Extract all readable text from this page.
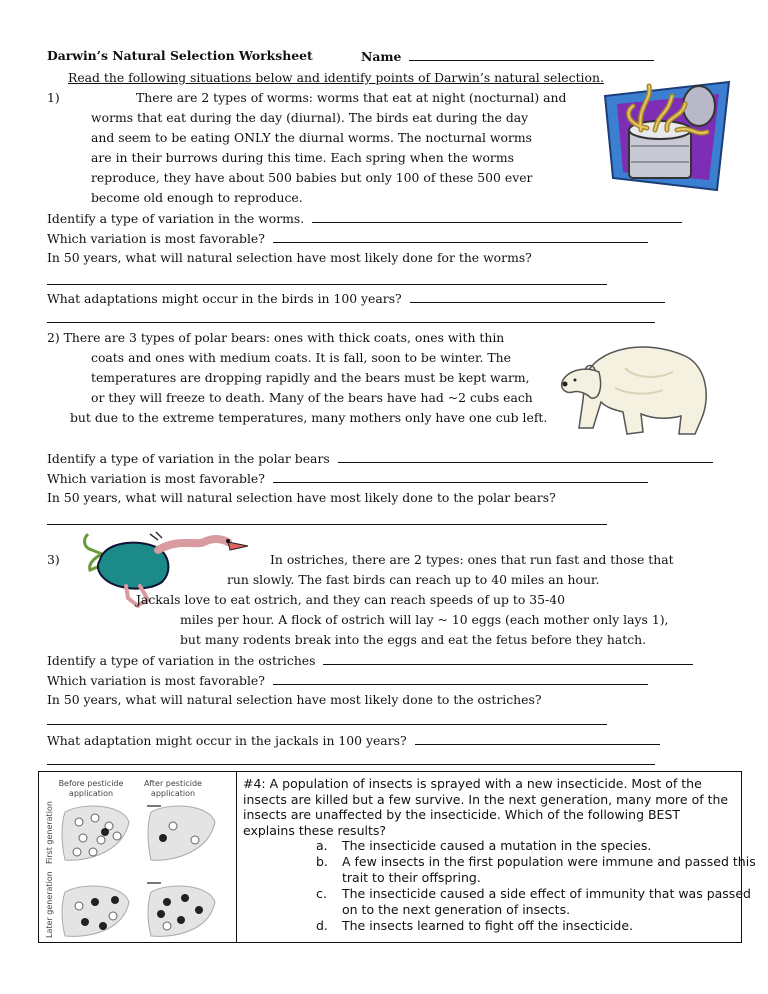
Darwin’s Natural Selection Worksheet	Name
Read the following situations below and identify points of Darwin’s natural selection.
1)	There are 2 types of worms: worms that eat at night (nocturnal) and
worms that eat during the day (diurnal). The birds eat during the day
and seem to be eating ONLY the diurnal worms. The nocturnal worms
are in their burrows during this time. Each spring when the worms
reproduce, they have about 500 babies but only 100 of these 500 ever
become old enough to reproduce.
Identify a type of variation in the worms.
Which variation is most favorable?
In 50 years, what will natural selection have most likely done for the worms?
What adaptations might occur in the birds in 100 years?
2) There are 3 types of polar bears: ones with thick coats, ones with thin
coats and ones with medium coats. It is fall, soon to be winter. The
temperatures are dropping rapidly and the bears must be kept warm,
or they will freeze to death. Many of the bears have had ~2 cubs each
but due to the extreme temperatures, many mothers only have one cub left.
Identify a type of variation in the polar bears
Which variation is most favorable?
In 50 years, what will natural selection have most likely done to the polar bears?
3)	In ostriches, there are 2 types: ones that run fast and those that
run slowly. The fast birds can reach up to 40 miles an hour.
Jackals love to eat ostrich, and they can reach speeds of up to 35-40
miles per hour. A flock of ostrich will lay ~ 10 eggs (each mother only lays 1),
but many rodents break into the eggs and eat the fetus before they hatch.
Identify a type of variation in the ostriches
Which variation is most favorable?
In 50 years, what will natural selection have most likely done to the ostriches?
What adaptation might occur in the jackals in 100 years?
Before pesticide
application
After pesticide
application
First generation
Later generation
#4: A population of insects is sprayed with a new insecticide. Most of the insects are killed but a few survive. In the next generation, many more of the insects are unaffected by the insecticide. Which of the following BEST explains these results?
a. The insecticide caused a mutation in the species.
b. A few insects in the first population were immune and passed this trait to their offspring.
c. The insecticide caused a side effect of immunity that was passed on to the next generation of insects.
d. The insects learned to fight off the insecticide.
